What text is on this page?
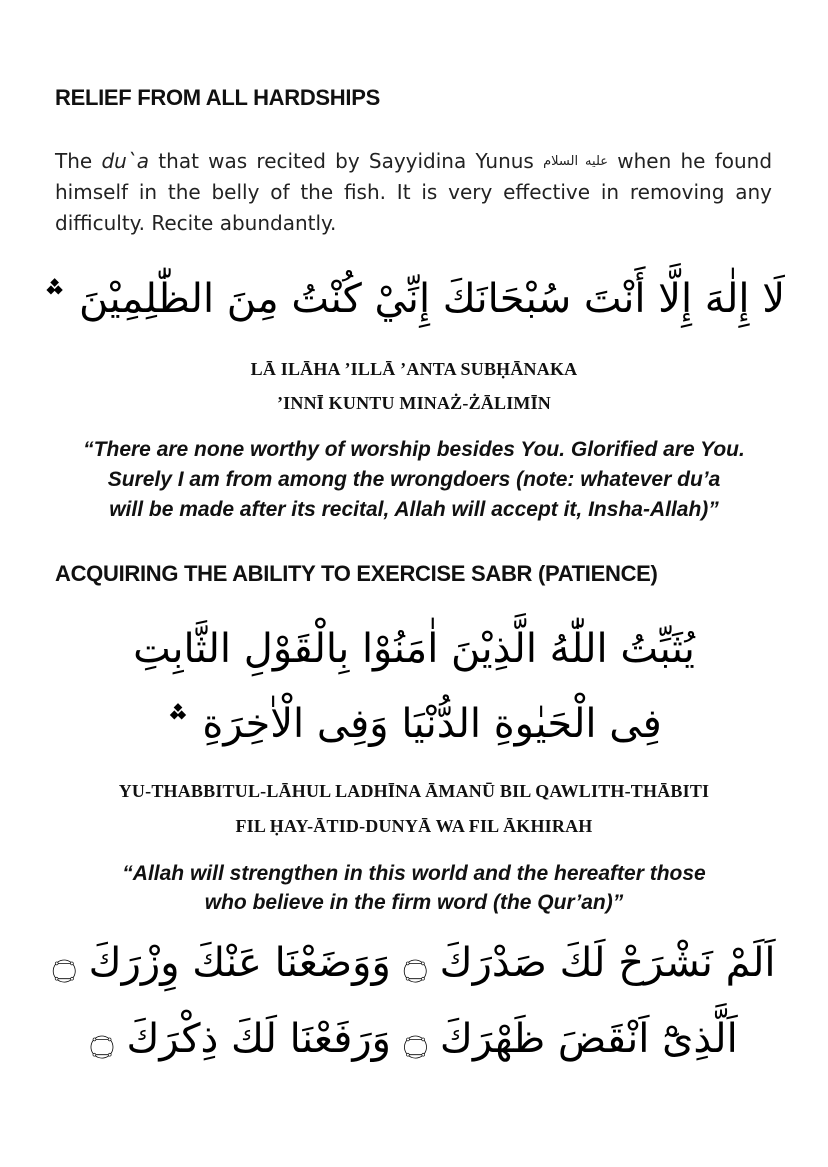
RELIEF FROM ALL HARDSHIPS
The du`a that was recited by Sayyidina Yunus عليه السلام when he found himself in the belly of the fish. It is very effective in removing any difficulty. Recite abundantly.
لَا إِلٰهَ إِلَّا أَنْتَ سُبْحَانَكَ إِنِّيْ كُنْتُ مِنَ الظّٰلِمِيْنَ ؞
LĀ ILĀHA ’ILLĀ ’ANTA SUBḤĀNAKA
’INNĪ KUNTU MINAŻ-ŻĀLIMĪN
“There are none worthy of worship besides You. Glorified are You.
Surely I am from among the wrongdoers (note: whatever du’a
will be made after its recital, Allah will accept it, Insha-Allah)”
ACQUIRING THE ABILITY TO EXERCISE SABR (PATIENCE)
يُثَبِّتُ اللّٰهُ الَّذِيْنَ اٰمَنُوْا بِالْقَوْلِ الثَّابِتِ
فِى الْحَيٰوةِ الدُّنْيَا وَفِى الْاٰخِرَةِ ؞
YU-THABBITUL-LĀHUL LADHĪNA ĀMANŪ BIL QAWLITH-THĀBITI
FIL ḤAY-ĀTID-DUNYĀ WA FIL ĀKHIRAH
“Allah will strengthen in this world and the hereafter those
who believe in the firm word (the Qur’an)”
اَلَمْ نَشْرَحْ لَكَ صَدْرَكَ ۝ وَوَضَعْنَا عَنْكَ وِزْرَكَ ۝
اَلَّذِىْٓ اَنْقَضَ ظَهْرَكَ ۝ وَرَفَعْنَا لَكَ ذِكْرَكَ ۝
